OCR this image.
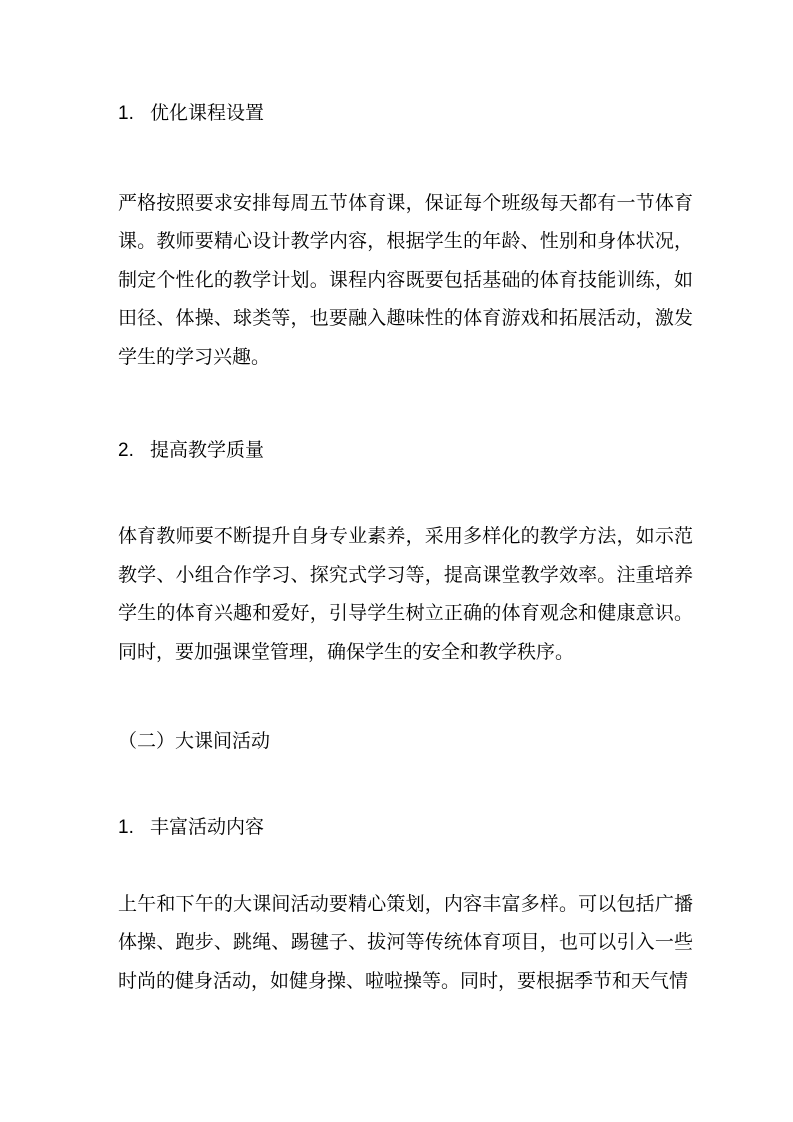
1. 优化课程设置

严格按照要求安排每周五节体育课，保证每个班级每天都有一节体育课。教师要精心设计教学内容，根据学生的年龄、性别和身体状况，制定个性化的教学计划。课程内容既要包括基础的体育技能训练，如田径、体操、球类等，也要融入趣味性的体育游戏和拓展活动，激发学生的学习兴趣。

2. 提高教学质量

体育教师要不断提升自身专业素养，采用多样化的教学方法，如示范教学、小组合作学习、探究式学习等，提高课堂教学效率。注重培养学生的体育兴趣和爱好，引导学生树立正确的体育观念和健康意识。同时，要加强课堂管理，确保学生的安全和教学秩序。

（二）大课间活动
1. 丰富活动内容

上午和下午的大课间活动要精心策划，内容丰富多样。可以包括广播体操、跑步、跳绳、踢毽子、拔河等传统体育项目，也可以引入一些时尚的健身活动，如健身操、啦啦操等。同时，要根据季节和天气情
